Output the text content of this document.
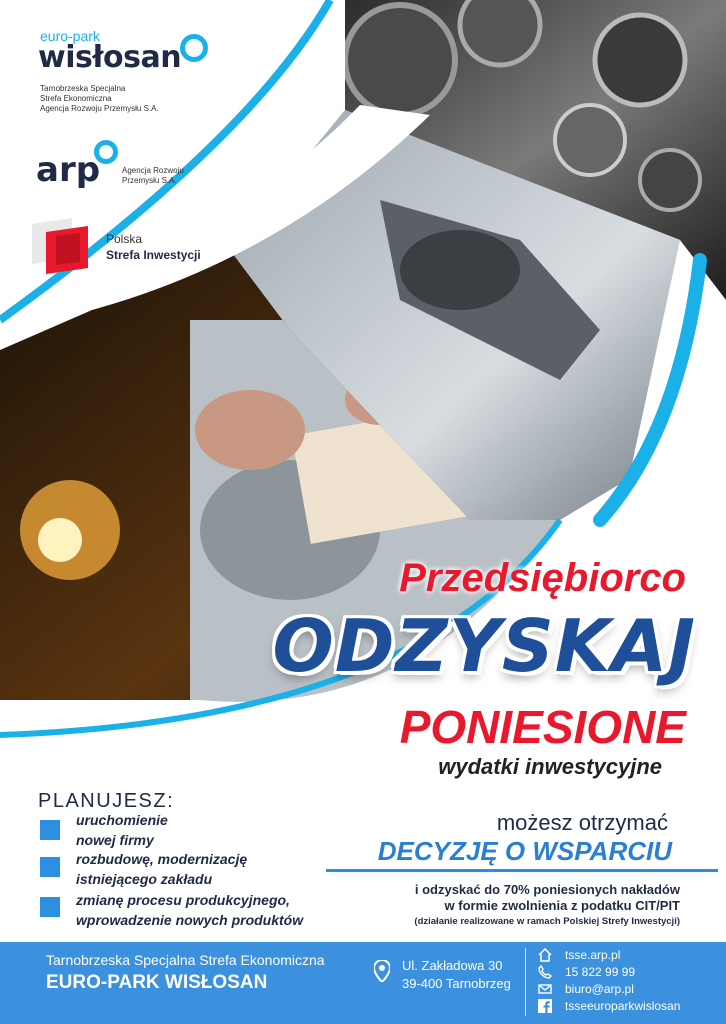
euro-park
wisłosan
Tarnobrzeska Specjalna
Strefa Ekonomiczna
Agencja Rozwoju Przemysłu S.A.
arp	Agencja Rozwoju
Przemysłu S.A.
Polska
Strefa Inwestycji
Przedsiębiorco
ODZYSKAJ
PONIESIONE
wydatki inwestycyjne
PLANUJESZ:
uruchomienie
nowej firmy
rozbudowę, modernizację
istniejącego zakładu
zmianę procesu produkcyjnego,
wprowadzenie nowych produktów
możesz otrzymać
DECYZJĘ O WSPARCIU
i odzyskać do 70% poniesionych nakładów
w formie zwolnienia z podatku CIT/PIT
(działanie realizowane w ramach Polskiej Strefy Inwestycji)
Tarnobrzeska Specjalna Strefa Ekonomiczna
EURO-PARK WISŁOSAN
Ul. Zakładowa 30
39-400 Tarnobrzeg
tsse.arp.pl
15 822 99 99
biuro@arp.pl
tsseeuroparkwislosan
